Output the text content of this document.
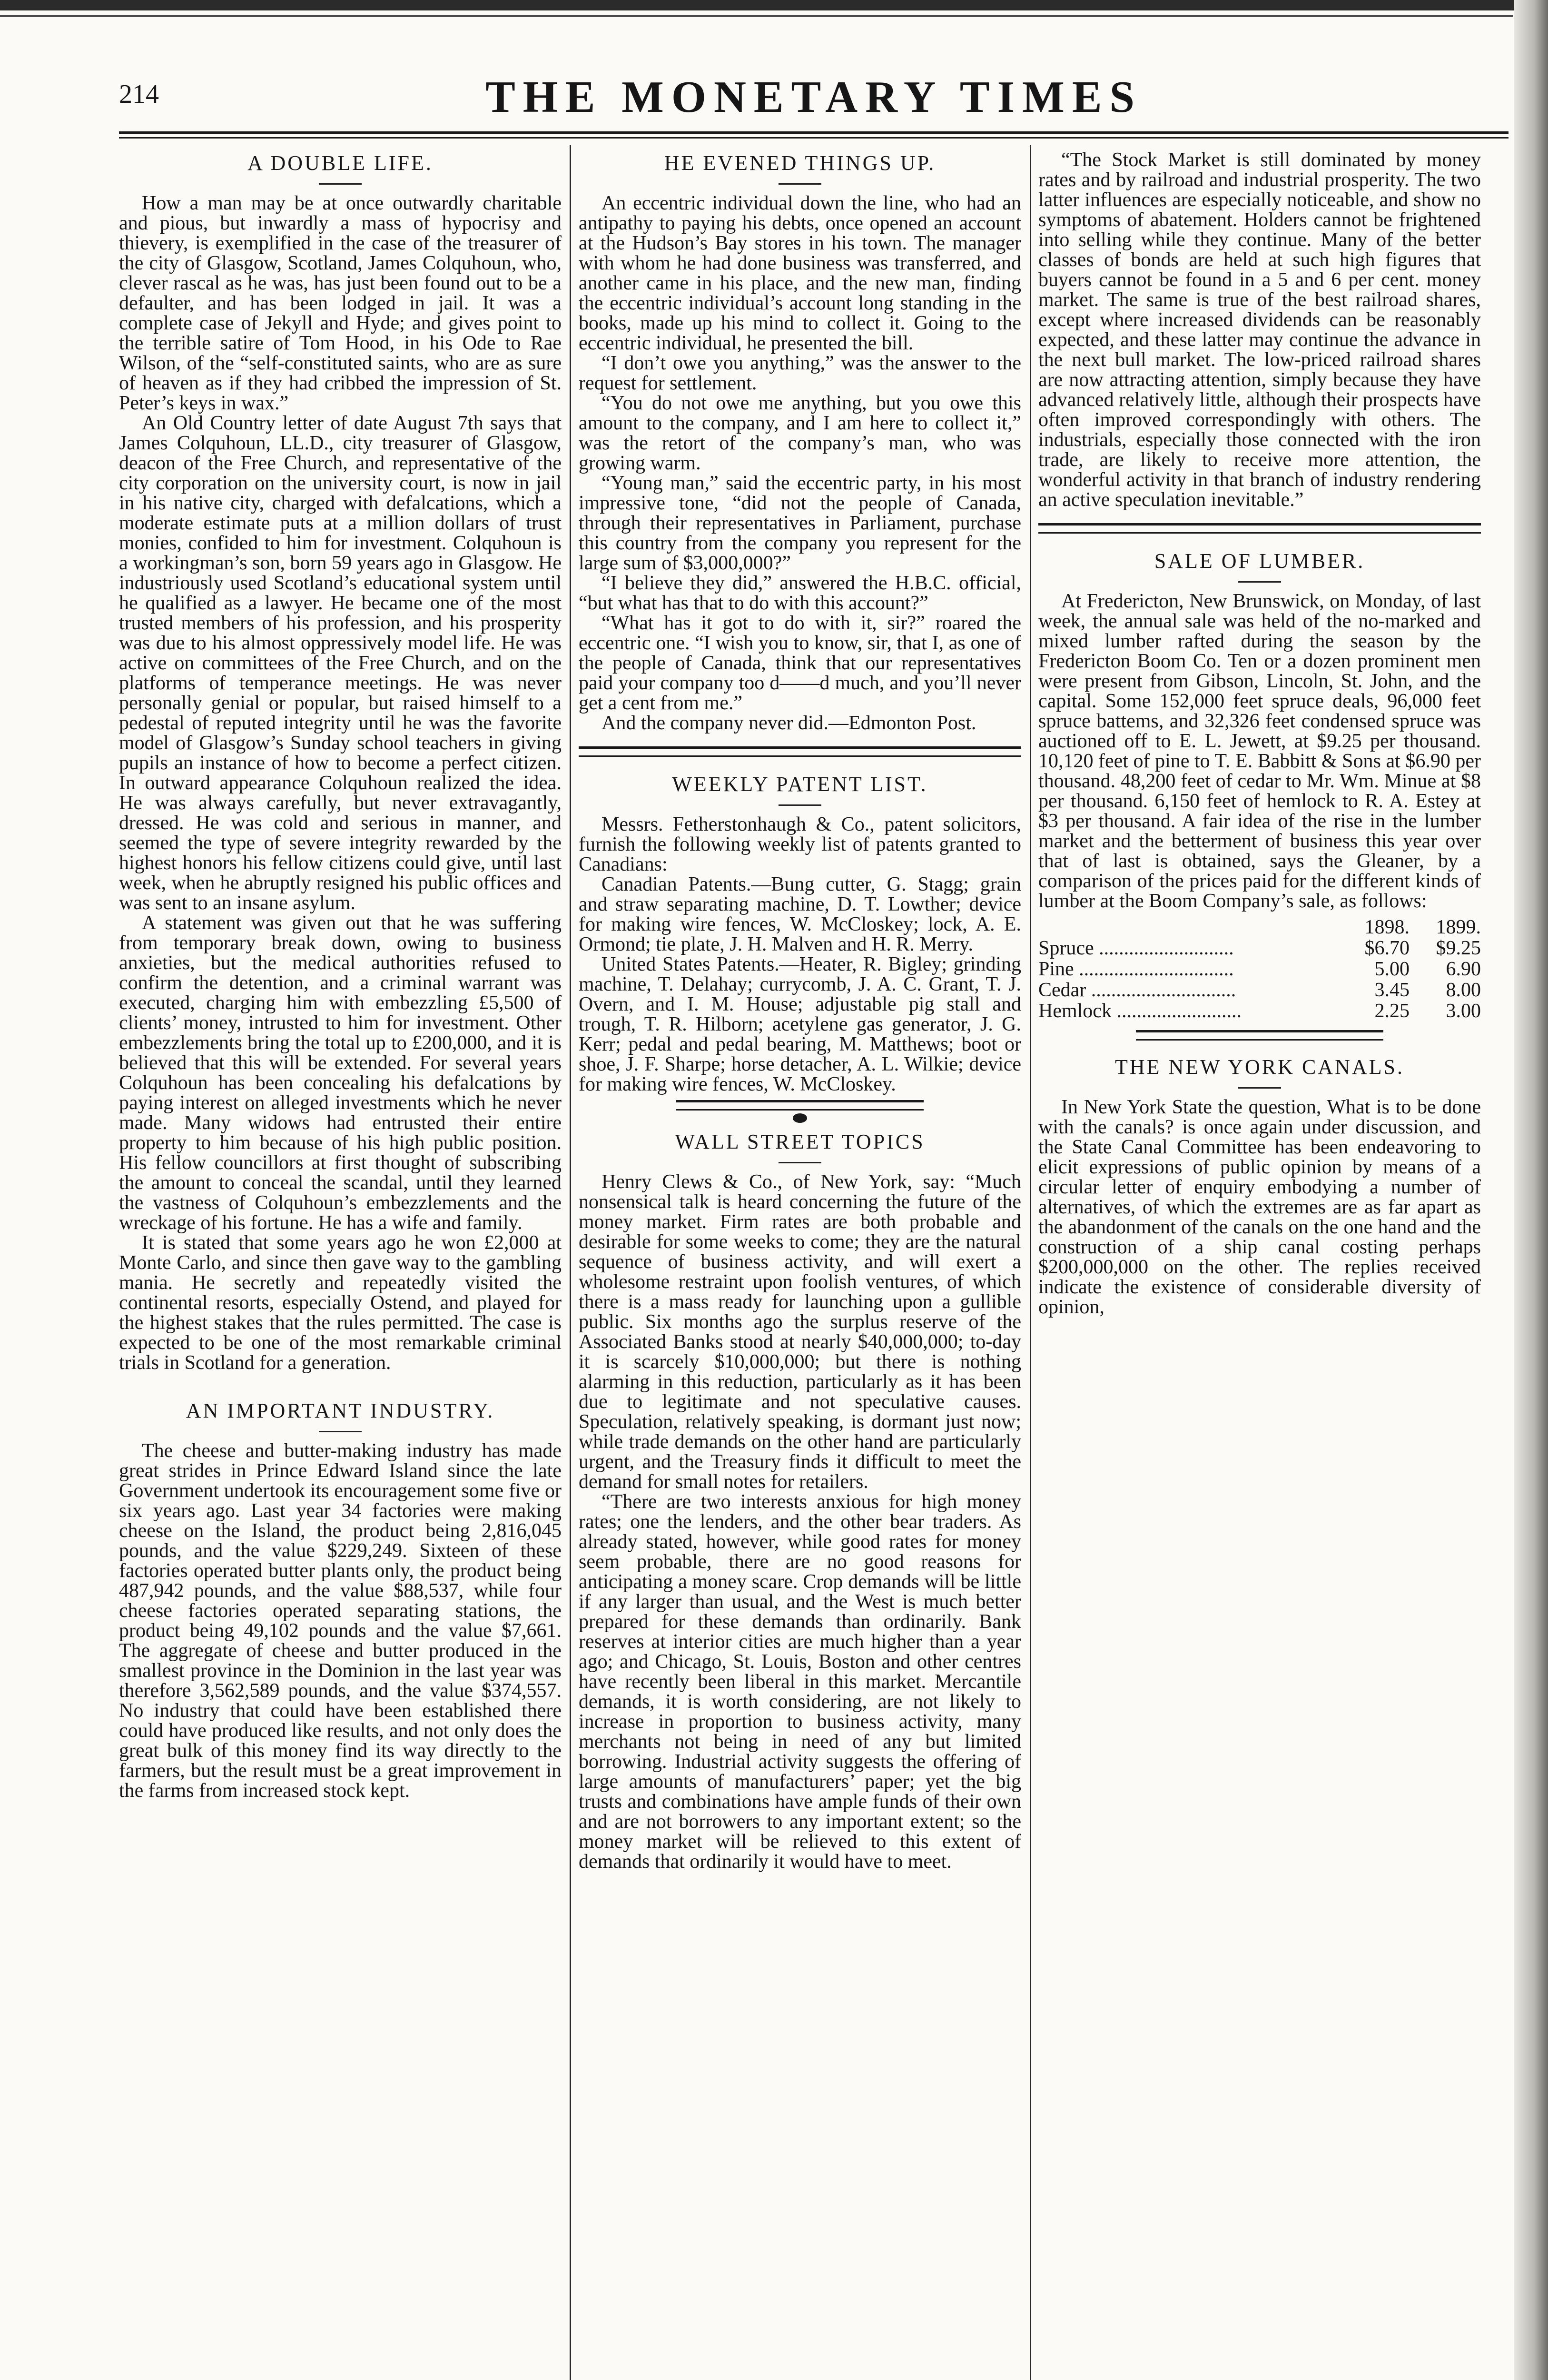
214	THE MONETARY TIMES
A DOUBLE LIFE.

How a man may be at once outwardly charitable and pious, but inwardly a mass of hypocrisy and thievery, is exemplified in the case of the treasurer of the city of Glasgow, Scotland, James Colquhoun, who, clever rascal as he was, has just been found out to be a defaulter, and has been lodged in jail. It was a complete case of Jekyll and Hyde; and gives point to the terrible satire of Tom Hood, in his Ode to Rae Wilson, of the “self-constituted saints, who are as sure of heaven as if they had cribbed the impression of St. Peter’s keys in wax.”

An Old Country letter of date August 7th says that James Colquhoun, LL.D., city treasurer of Glasgow, deacon of the Free Church, and representative of the city corporation on the university court, is now in jail in his native city, charged with defalcations, which a moderate estimate puts at a million dollars of trust monies, confided to him for investment. Colquhoun is a workingman’s son, born 59 years ago in Glasgow. He industriously used Scotland’s educational system until he qualified as a lawyer. He became one of the most trusted members of his profession, and his prosperity was due to his almost oppressively model life. He was active on committees of the Free Church, and on the platforms of temperance meetings. He was never personally genial or popular, but raised himself to a pedestal of reputed integrity until he was the favorite model of Glasgow’s Sunday school teachers in giving pupils an instance of how to become a perfect citizen. In outward appearance Colquhoun realized the idea. He was always carefully, but never extravagantly, dressed. He was cold and serious in manner, and seemed the type of severe integrity rewarded by the highest honors his fellow citizens could give, until last week, when he abruptly resigned his public offices and was sent to an insane asylum.

A statement was given out that he was suffering from temporary break down, owing to business anxieties, but the medical authorities refused to confirm the detention, and a criminal warrant was executed, charging him with embezzling £5,500 of clients’ money, intrusted to him for investment. Other embezzlements bring the total up to £200,000, and it is believed that this will be extended. For several years Colquhoun has been concealing his defalcations by paying interest on alleged investments which he never made. Many widows had entrusted their entire property to him because of his high public position. His fellow councillors at first thought of subscribing the amount to conceal the scandal, until they learned the vastness of Colquhoun’s embezzlements and the wreckage of his fortune. He has a wife and family.

It is stated that some years ago he won £2,000 at Monte Carlo, and since then gave way to the gambling mania. He secretly and repeatedly visited the continental resorts, especially Ostend, and played for the highest stakes that the rules permitted. The case is expected to be one of the most remarkable criminal trials in Scotland for a generation.

AN IMPORTANT INDUSTRY.

The cheese and butter-making industry has made great strides in Prince Edward Island since the late Government undertook its encouragement some five or six years ago. Last year 34 factories were making cheese on the Island, the product being 2,816,045 pounds, and the value $229,249. Sixteen of these factories operated butter plants only, the product being 487,942 pounds, and the value $88,537, while four cheese factories operated separating stations, the product being 49,102 pounds and the value $7,661. The aggregate of cheese and butter produced in the smallest province in the Dominion in the last year was therefore 3,562,589 pounds, and the value $374,557. No industry that could have been established there could have produced like results, and not only does the great bulk of this money find its way directly to the farmers, but the result must be a great improvement in the farms from increased stock kept.

HE EVENED THINGS UP.

An eccentric individual down the line, who had an antipathy to paying his debts, once opened an account at the Hudson’s Bay stores in his town. The manager with whom he had done business was transferred, and another came in his place, and the new man, finding the eccentric individual’s account long standing in the books, made up his mind to collect it. Going to the eccentric individual, he presented the bill.

“I don’t owe you anything,” was the answer to the request for settlement.

“You do not owe me anything, but you owe this amount to the company, and I am here to collect it,” was the retort of the company’s man, who was growing warm.

“Young man,” said the eccentric party, in his most impressive tone, “did not the people of Canada, through their representatives in Parliament, purchase this country from the company you represent for the large sum of $3,000,000?”

“I believe they did,” answered the H.B.C. official, “but what has that to do with this account?”

“What has it got to do with it, sir?” roared the eccentric one. “I wish you to know, sir, that I, as one of the people of Canada, think that our representatives paid your company too d——d much, and you’ll never get a cent from me.”

And the company never did.—Edmonton Post.

WEEKLY PATENT LIST.

Messrs. Fetherstonhaugh & Co., patent solicitors, furnish the following weekly list of patents granted to Canadians:

Canadian Patents.—Bung cutter, G. Stagg; grain and straw separating machine, D. T. Lowther; device for making wire fences, W. McCloskey; lock, A. E. Ormond; tie plate, J. H. Malven and H. R. Merry.

United States Patents.—Heater, R. Bigley; grinding machine, T. Delahay; currycomb, J. A. C. Grant, T. J. Overn, and I. M. House; adjustable pig stall and trough, T. R. Hilborn; acetylene gas generator, J. G. Kerr; pedal and pedal bearing, M. Matthews; boot or shoe, J. F. Sharpe; horse detacher, A. L. Wilkie; device for making wire fences, W. McCloskey.

WALL STREET TOPICS

Henry Clews & Co., of New York, say: “Much nonsensical talk is heard concerning the future of the money market. Firm rates are both probable and desirable for some weeks to come; they are the natural sequence of business activity, and will exert a wholesome restraint upon foolish ventures, of which there is a mass ready for launching upon a gullible public. Six months ago the surplus reserve of the Associated Banks stood at nearly $40,000,000; to-day it is scarcely $10,000,000; but there is nothing alarming in this reduction, particularly as it has been due to legitimate and not speculative causes. Speculation, relatively speaking, is dormant just now; while trade demands on the other hand are particularly urgent, and the Treasury finds it difficult to meet the demand for small notes for retailers.

“There are two interests anxious for high money rates; one the lenders, and the other bear traders. As already stated, however, while good rates for money seem probable, there are no good reasons for anticipating a money scare. Crop demands will be little if any larger than usual, and the West is much better prepared for these demands than ordinarily. Bank reserves at interior cities are much higher than a year ago; and Chicago, St. Louis, Boston and other centres have recently been liberal in this market. Mercantile demands, it is worth considering, are not likely to increase in proportion to business activity, many merchants not being in need of any but limited borrowing. Industrial activity suggests the offering of large amounts of manufacturers’ paper; yet the big trusts and combinations have ample funds of their own and are not borrowers to any important extent; so the money market will be relieved to this extent of demands that ordinarily it would have to meet.

“The Stock Market is still dominated by money rates and by railroad and industrial prosperity. The two latter influences are especially noticeable, and show no symptoms of abatement. Holders cannot be frightened into selling while they continue. Many of the better classes of bonds are held at such high figures that buyers cannot be found in a 5 and 6 per cent. money market. The same is true of the best railroad shares, except where increased dividends can be reasonably expected, and these latter may continue the advance in the next bull market. The low-priced railroad shares are now attracting attention, simply because they have advanced relatively little, although their prospects have often improved correspondingly with others. The industrials, especially those connected with the iron trade, are likely to receive more attention, the wonderful activity in that branch of industry rendering an active speculation inevitable.”

SALE OF LUMBER.

At Fredericton, New Brunswick, on Monday, of last week, the annual sale was held of the no-marked and mixed lumber rafted during the season by the Fredericton Boom Co. Ten or a dozen prominent men were present from Gibson, Lincoln, St. John, and the capital. Some 152,000 feet spruce deals, 96,000 feet spruce battems, and 32,326 feet condensed spruce was auctioned off to E. L. Jewett, at $9.25 per thousand. 10,120 feet of pine to T. E. Babbitt & Sons at $6.90 per thousand. 48,200 feet of cedar to Mr. Wm. Minue at $8 per thousand. 6,150 feet of hemlock to R. A. Estey at $3 per thousand. A fair idea of the rise in the lumber market and the betterment of business this year over that of last is obtained, says the Gleaner, by a comparison of the prices paid for the different kinds of lumber at the Boom Company’s sale, as follows:

	1898.	1899.
Spruce ...........................	$6.70	$9.25
Pine ...............................	5.00	6.90
Cedar .............................	3.45	8.00
Hemlock .........................	2.25	3.00
THE NEW YORK CANALS.

In New York State the question, What is to be done with the canals? is once again under discussion, and the State Canal Committee has been endeavoring to elicit expressions of public opinion by means of a circular letter of enquiry embodying a number of alternatives, of which the extremes are as far apart as the abandonment of the canals on the one hand and the construction of a ship canal costing perhaps $200,000,000 on the other. The replies received indicate the existence of considerable diversity of opinion,
